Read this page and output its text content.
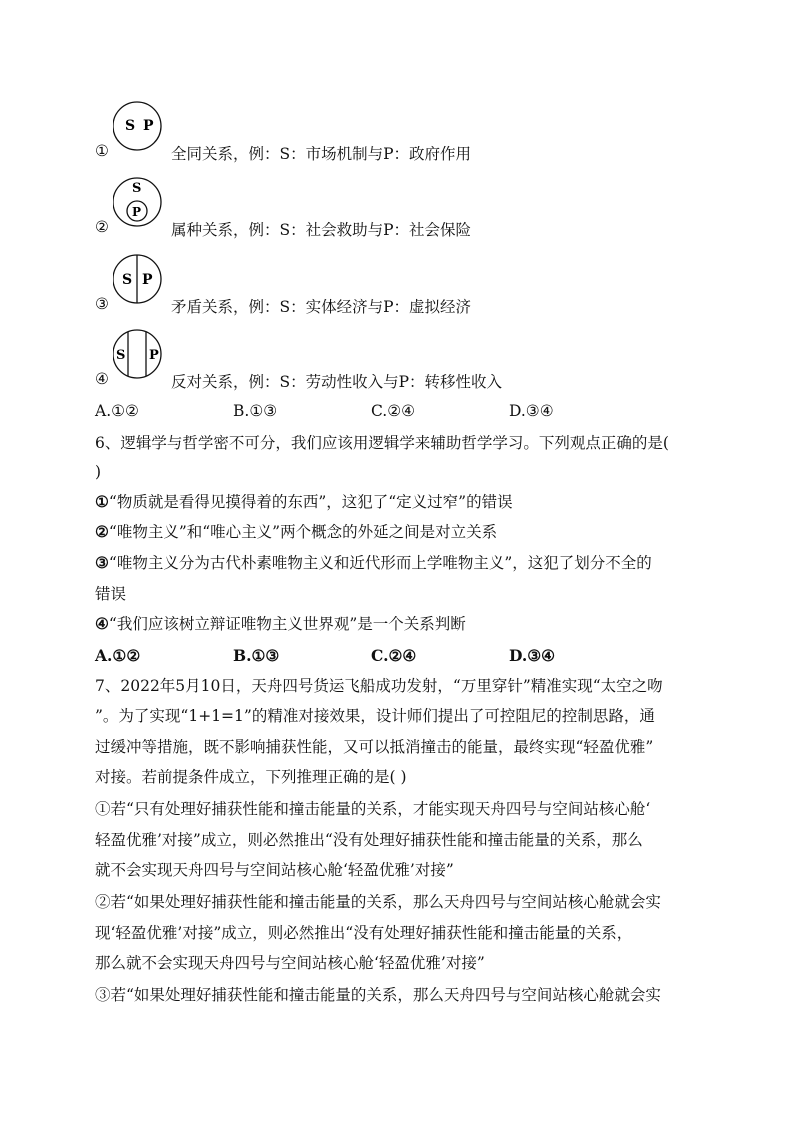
①
S P
全同关系，例：S：市场机制与P：政府作用
②
S
P
属种关系，例：S：社会救助与P：社会保险
③
S P
矛盾关系，例：S：实体经济与P：虚拟经济
④
S P
反对关系，例：S：劳动性收入与P：转移性收入
A.①②	B.①③	C.②④	D.③④
6、逻辑学与哲学密不可分，我们应该用逻辑学来辅助哲学学习。下列观点正确的是(
)
①“物质就是看得见摸得着的东西”，这犯了“定义过窄”的错误
②“唯物主义”和“唯心主义”两个概念的外延之间是对立关系
③“唯物主义分为古代朴素唯物主义和近代形而上学唯物主义”，这犯了划分不全的
错误
④“我们应该树立辩证唯物主义世界观”是一个关系判断
A.①②	B.①③	C.②④	D.③④
7、2022年5月10日，天舟四号货运飞船成功发射，“万里穿针”精准实现“太空之吻
”。为了实现“1+1=1”的精准对接效果，设计师们提出了可控阻尼的控制思路，通
过缓冲等措施，既不影响捕获性能，又可以抵消撞击的能量，最终实现“轻盈优雅”
对接。若前提条件成立，下列推理正确的是( )
①若“只有处理好捕获性能和撞击能量的关系，才能实现天舟四号与空间站核心舱‘
轻盈优雅’对接”成立，则必然推出“没有处理好捕获性能和撞击能量的关系，那么
就不会实现天舟四号与空间站核心舱‘轻盈优雅’对接”
②若“如果处理好捕获性能和撞击能量的关系，那么天舟四号与空间站核心舱就会实
现‘轻盈优雅’对接”成立，则必然推出“没有处理好捕获性能和撞击能量的关系，
那么就不会实现天舟四号与空间站核心舱‘轻盈优雅’对接”
③若“如果处理好捕获性能和撞击能量的关系，那么天舟四号与空间站核心舱就会实
